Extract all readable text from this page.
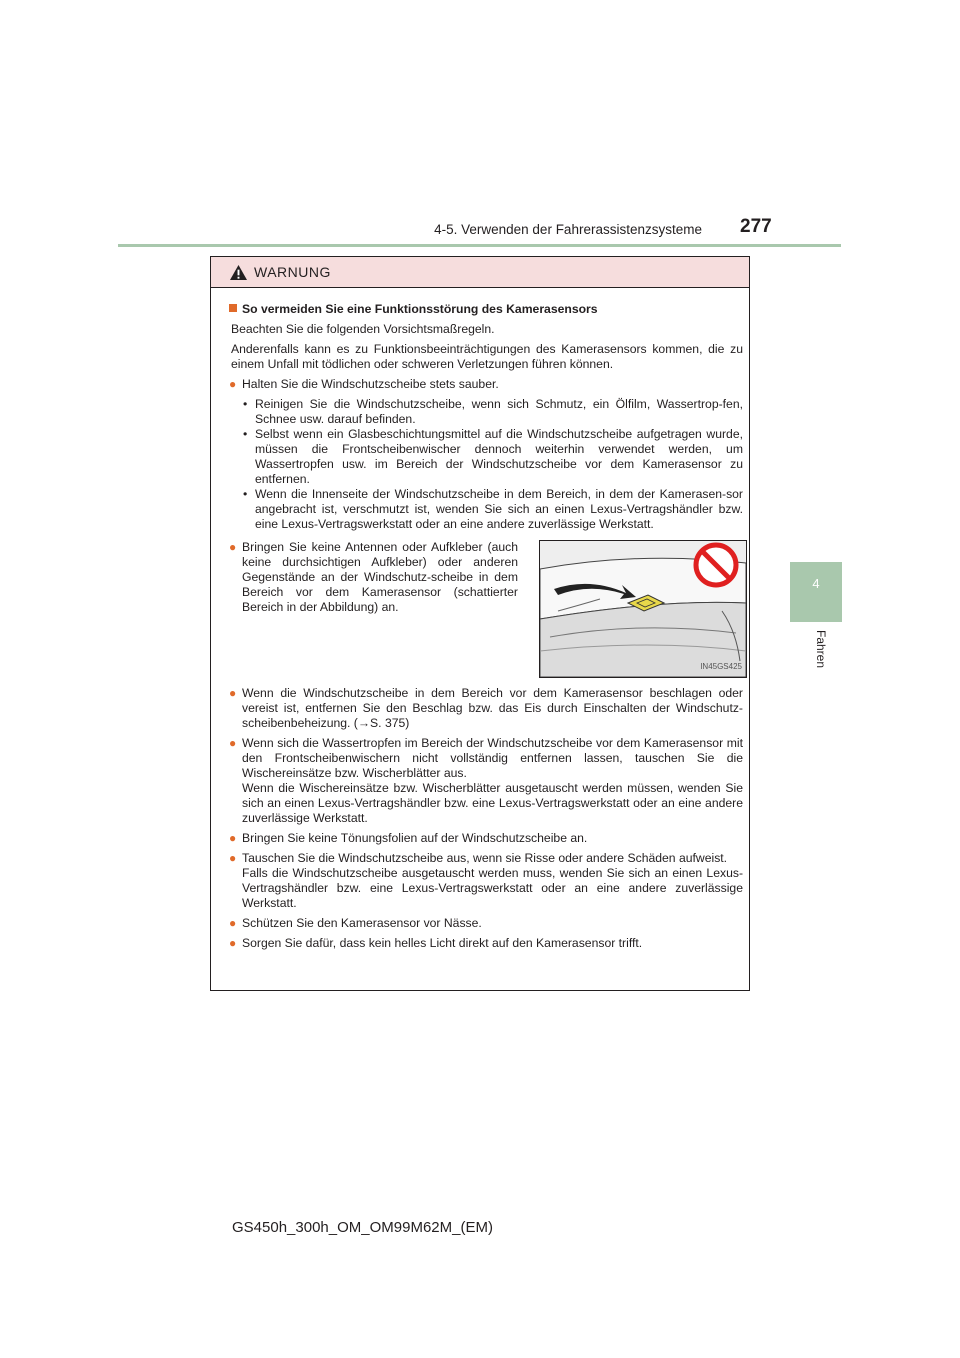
4-5. Verwenden der Fahrerassistenzsysteme 277
4
Fahren
WARNUNG
So vermeiden Sie eine Funktionsstörung des Kamerasensors
Beachten Sie die folgenden Vorsichtsmaßregeln.
Anderenfalls kann es zu Funktionsbeeinträchtigungen des Kamerasensors kommen, die zu einem Unfall mit tödlichen oder schweren Verletzungen führen können.
● Halten Sie die Windschutzscheibe stets sauber.
• Reinigen Sie die Windschutzscheibe, wenn sich Schmutz, ein Ölfilm, Wassertrop-fen, Schnee usw. darauf befinden.
• Selbst wenn ein Glasbeschichtungsmittel auf die Windschutzscheibe aufgetragen wurde, müssen die Frontscheibenwischer dennoch weiterhin verwendet werden, um Wassertropfen usw. im Bereich der Windschutzscheibe vor dem Kamerasensor zu entfernen.
• Wenn die Innenseite der Windschutzscheibe in dem Bereich, in dem der Kamerasen-sor angebracht ist, verschmutzt ist, wenden Sie sich an einen Lexus-Vertragshändler bzw. eine Lexus-Vertragswerkstatt oder an eine andere zuverlässige Werkstatt.
● Bringen Sie keine Antennen oder Aufkleber (auch keine durchsichtigen Aufkleber) oder anderen Gegenstände an der Windschutz-scheibe in dem Bereich vor dem Kamerasensor (schattierter Bereich in der Abbildung) an.
IN45GS425
● Wenn die Windschutzscheibe in dem Bereich vor dem Kamerasensor beschlagen oder vereist ist, entfernen Sie den Beschlag bzw. das Eis durch Einschalten der Windschutz-scheibenbeheizung. (→S. 375)
● Wenn sich die Wassertropfen im Bereich der Windschutzscheibe vor dem Kamerasensor mit den Frontscheibenwischern nicht vollständig entfernen lassen, tauschen Sie die Wischereinsätze bzw. Wischerblätter aus.
Wenn die Wischereinsätze bzw. Wischerblätter ausgetauscht werden müssen, wenden Sie sich an einen Lexus-Vertragshändler bzw. eine Lexus-Vertragswerkstatt oder an eine andere zuverlässige Werkstatt.
● Bringen Sie keine Tönungsfolien auf der Windschutzscheibe an.
● Tauschen Sie die Windschutzscheibe aus, wenn sie Risse oder andere Schäden aufweist.
Falls die Windschutzscheibe ausgetauscht werden muss, wenden Sie sich an einen Lexus-Vertragshändler bzw. eine Lexus-Vertragswerkstatt oder an eine andere zuverlässige Werkstatt.
● Schützen Sie den Kamerasensor vor Nässe.
● Sorgen Sie dafür, dass kein helles Licht direkt auf den Kamerasensor trifft.
GS450h_300h_OM_OM99M62M_(EM)
